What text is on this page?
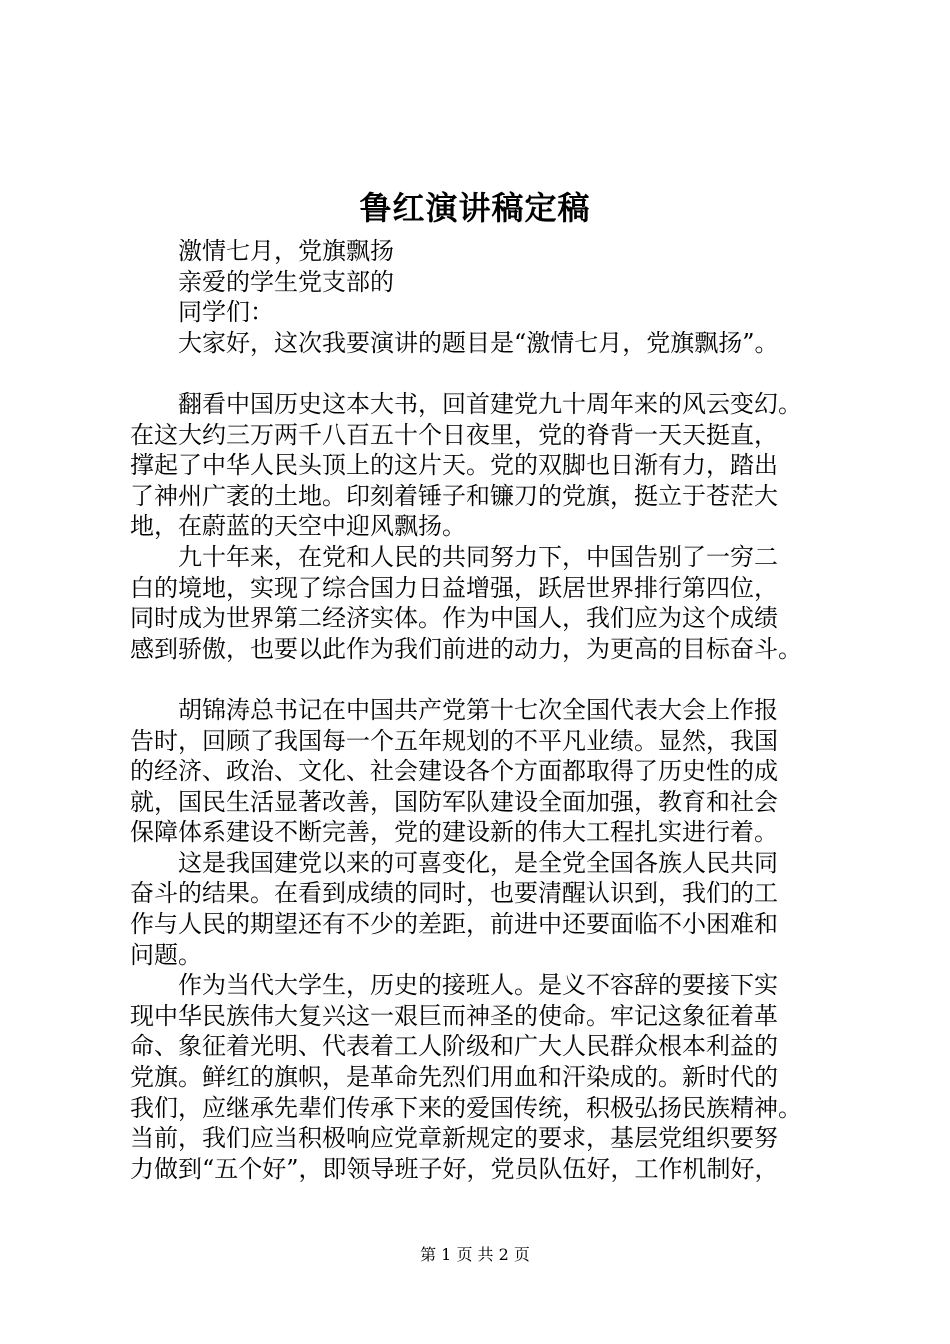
鲁红演讲稿定稿
激情七月，党旗飘扬
亲爱的学生党支部的
同学们：
大家好，这次我要演讲的题目是“激情七月，党旗飘扬”。
翻看中国历史这本大书，回首建党九十周年来的风云变幻。
在这大约三万两千八百五十个日夜里，党的脊背一天天挺直，
撑起了中华人民头顶上的这片天。党的双脚也日渐有力，踏出
了神州广袤的土地。印刻着锤子和镰刀的党旗，挺立于苍茫大
地，在蔚蓝的天空中迎风飘扬。
九十年来，在党和人民的共同努力下，中国告别了一穷二
白的境地，实现了综合国力日益增强，跃居世界排行第四位，
同时成为世界第二经济实体。作为中国人，我们应为这个成绩
感到骄傲，也要以此作为我们前进的动力，为更高的目标奋斗。
胡锦涛总书记在中国共产党第十七次全国代表大会上作报
告时，回顾了我国每一个五年规划的不平凡业绩。显然，我国
的经济、政治、文化、社会建设各个方面都取得了历史性的成
就，国民生活显著改善，国防军队建设全面加强，教育和社会
保障体系建设不断完善，党的建设新的伟大工程扎实进行着。
这是我国建党以来的可喜变化，是全党全国各族人民共同
奋斗的结果。在看到成绩的同时，也要清醒认识到，我们的工
作与人民的期望还有不少的差距，前进中还要面临不小困难和
问题。
作为当代大学生，历史的接班人。是义不容辞的要接下实
现中华民族伟大复兴这一艰巨而神圣的使命。牢记这象征着革
命、象征着光明、代表着工人阶级和广大人民群众根本利益的
党旗。鲜红的旗帜，是革命先烈们用血和汗染成的。新时代的
我们，应继承先辈们传承下来的爱国传统，积极弘扬民族精神。
当前，我们应当积极响应党章新规定的要求，基层党组织要努
力做到“五个好”，即领导班子好，党员队伍好，工作机制好，
第 1 页 共 2 页
